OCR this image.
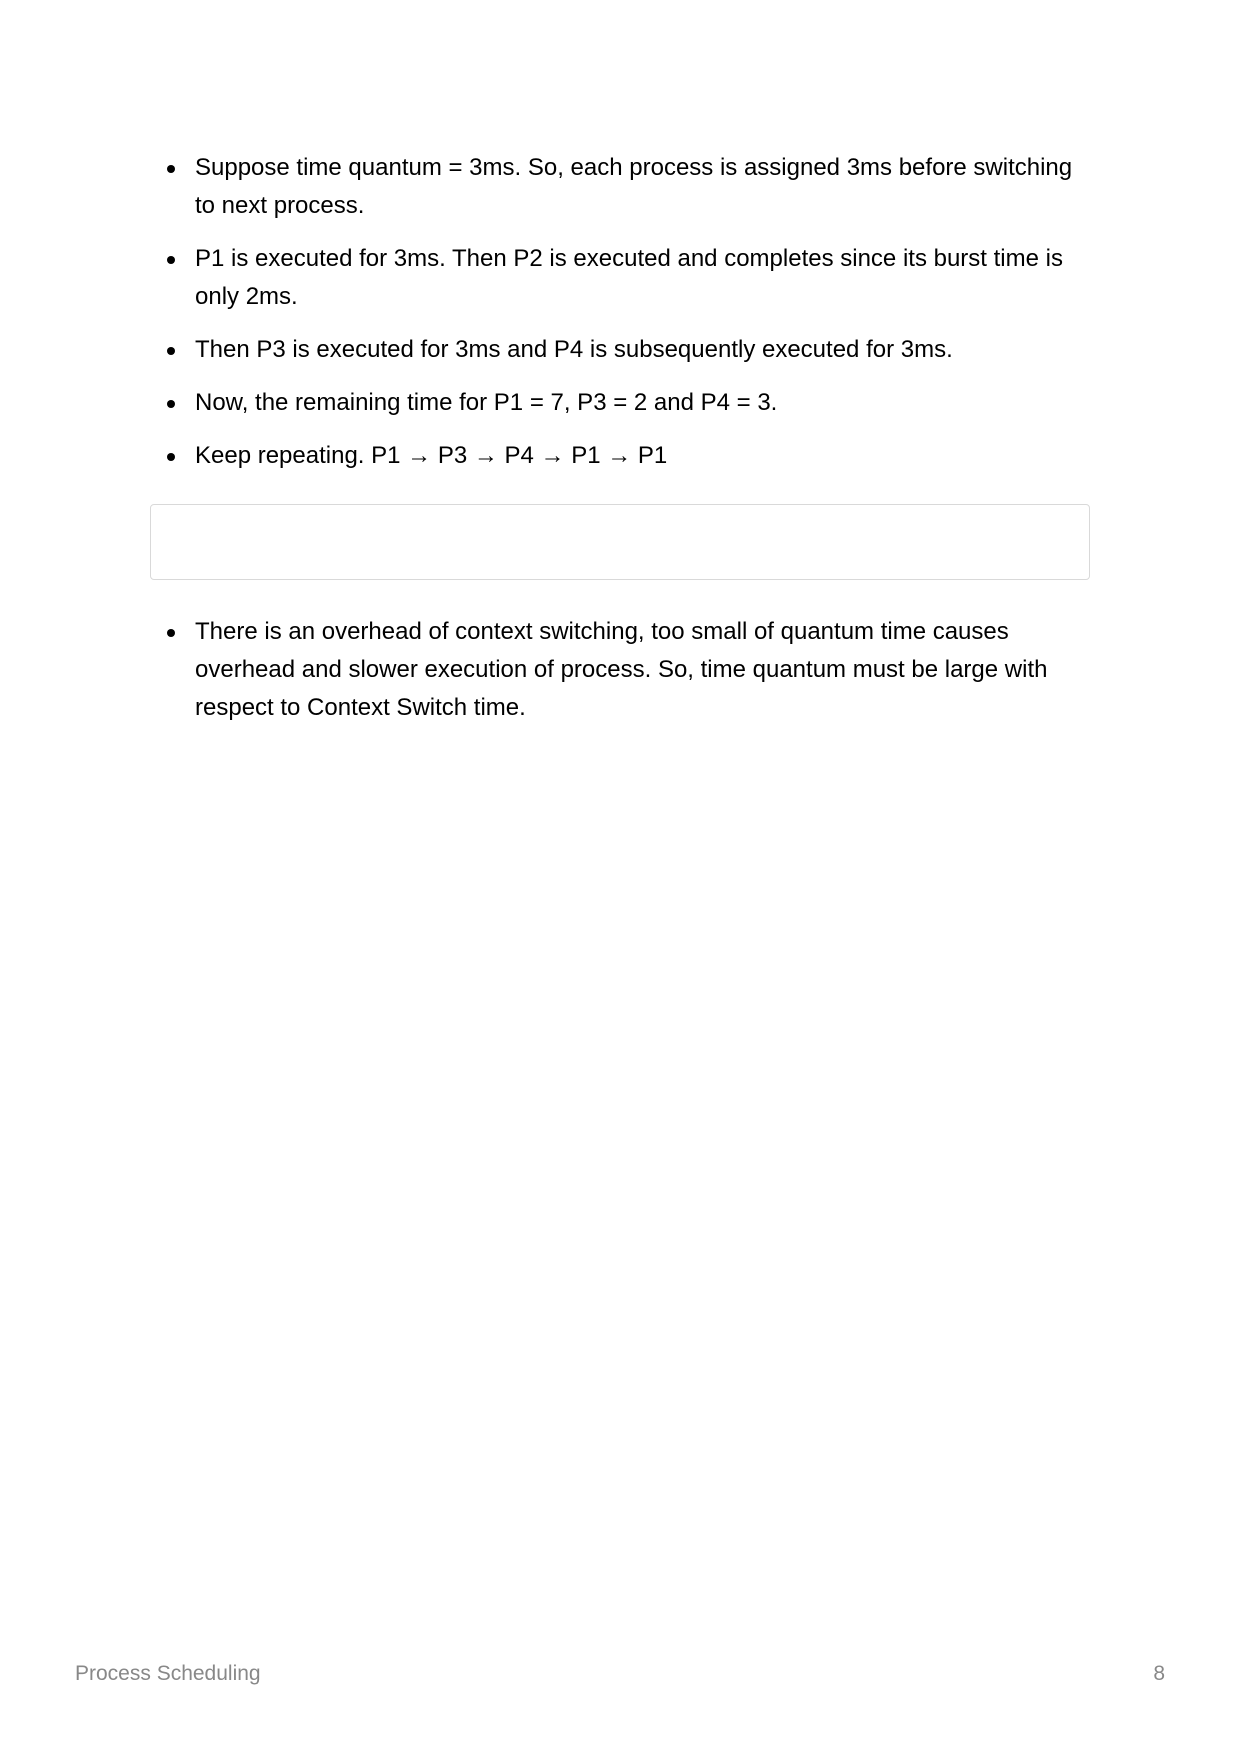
Suppose time quantum = 3ms. So, each process is assigned 3ms before switching to next process.
P1 is executed for 3ms. Then P2 is executed and completes since its burst time is only 2ms.
Then P3 is executed for 3ms and P4 is subsequently executed for 3ms.
Now, the remaining time for P1 = 7, P3 = 2 and P4 = 3.
Keep repeating. P1 → P3 → P4 → P1 → P1
There is an overhead of context switching, too small of quantum time causes overhead and slower execution of process. So, time quantum must be large with respect to Context Switch time.
Process Scheduling	8
